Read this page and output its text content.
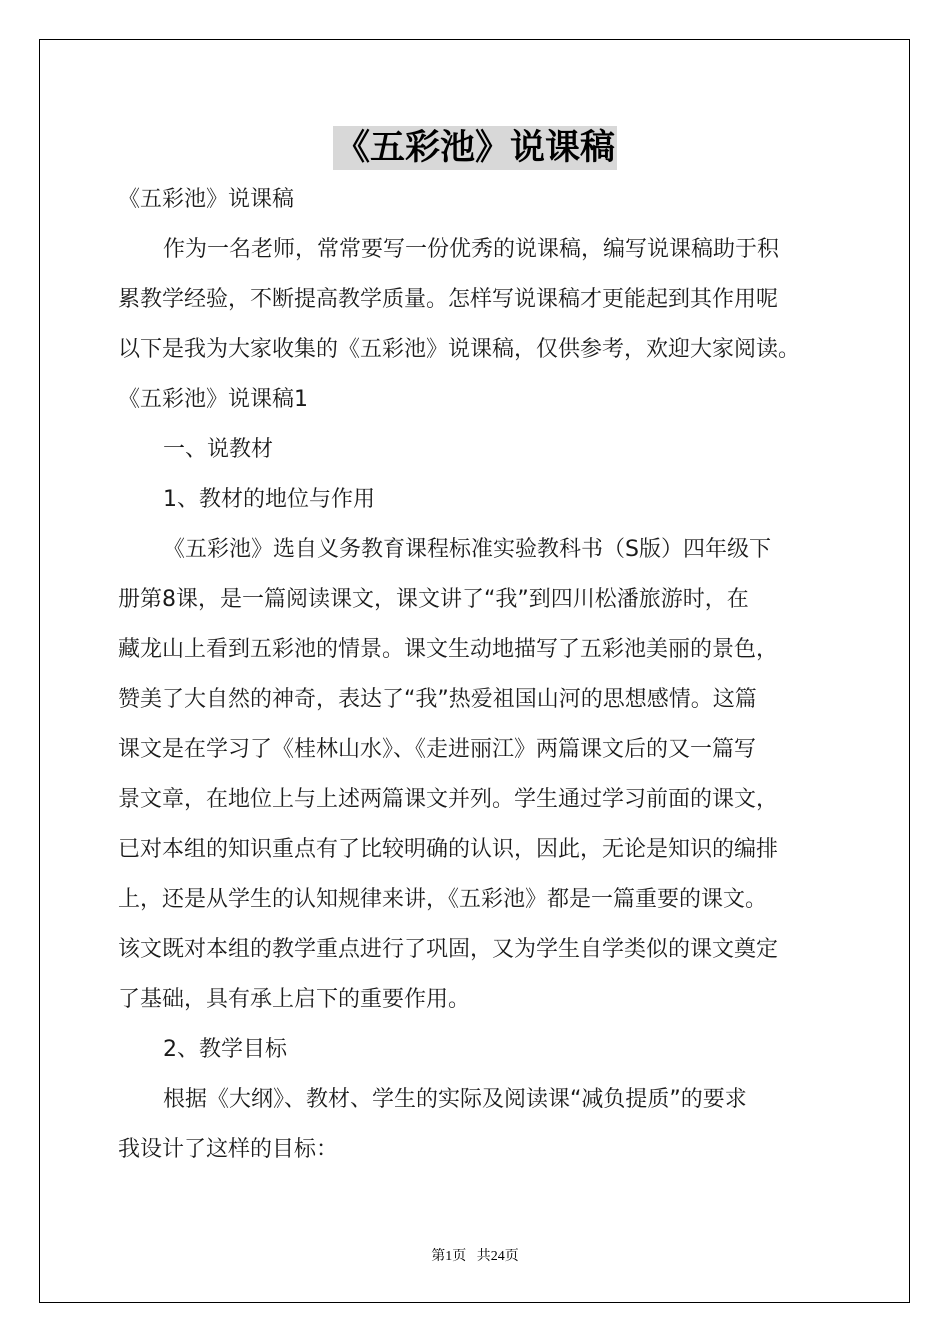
《五彩池》说课稿
《五彩池》说课稿
作为一名老师，常常要写一份优秀的说课稿，编写说课稿助于积
累教学经验，不断提高教学质量。怎样写说课稿才更能起到其作用呢
以下是我为大家收集的《五彩池》说课稿，仅供参考，欢迎大家阅读。
《五彩池》说课稿1
一、说教材
1、教材的地位与作用
《五彩池》选自义务教育课程标准实验教科书（S版）四年级下
册第8课，是一篇阅读课文，课文讲了“我”到四川松潘旅游时，在
藏龙山上看到五彩池的情景。课文生动地描写了五彩池美丽的景色，
赞美了大自然的神奇，表达了“我”热爱祖国山河的思想感情。这篇
课文是在学习了《桂林山水》、《走进丽江》两篇课文后的又一篇写
景文章，在地位上与上述两篇课文并列。学生通过学习前面的课文，
已对本组的知识重点有了比较明确的认识，因此，无论是知识的编排
上，还是从学生的认知规律来讲，《五彩池》都是一篇重要的课文。
该文既对本组的教学重点进行了巩固，又为学生自学类似的课文奠定
了基础，具有承上启下的重要作用。
2、教学目标
根据《大纲》、教材、学生的实际及阅读课“减负提质”的要求
我设计了这样的目标：
第1页   共24页
